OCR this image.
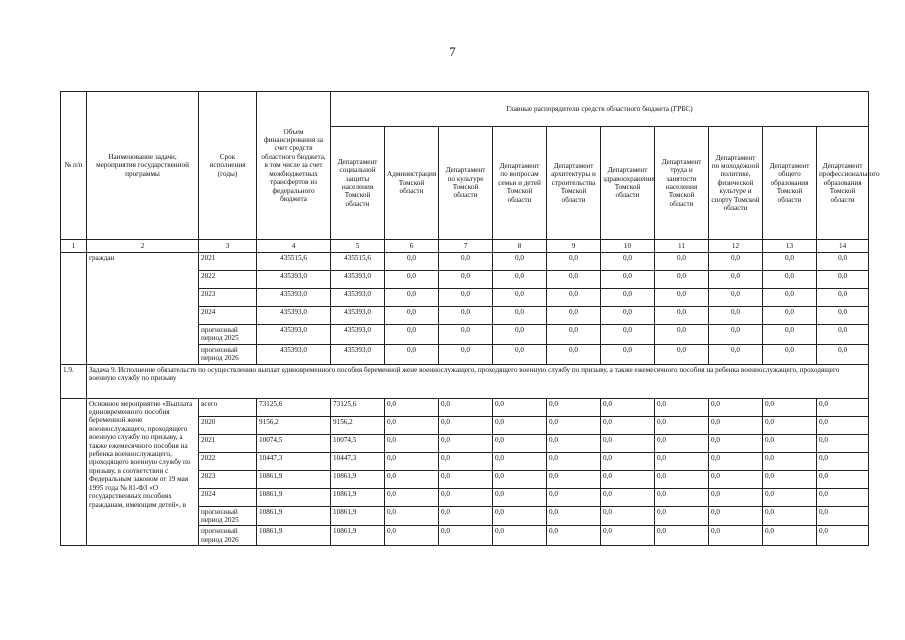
7
№ п/п	Наименование задачи, мероприятия государственной программы	Срок исполнения (годы)	Объем финансирования за счет средств областного бюджета, в том числе за счет межбюджетных трансфертов из федерального бюджета	Главные распорядители средств областного бюджета (ГРБС)									
				Департамент социальной защиты населения Томской области	Администрация Томской области	Департамент по культуре Томской области	Департамент по вопросам семьи и детей Томской области	Департамент архитектуры и строительства Томской области	Департамент здравоохранения Томской области	Департамент труда и занятости населения Томской области	Департамент по молодежной политике, физической культуре и спорту Томской области	Департамент общего образования Томской области	Департамент профессионального образования Томской области
1	2	3	4	5	6	7	8	9	10	11	12	13	14
	граждан	2021	435515,6	435515,6	0,0	0,0	0,0	0,0	0,0	0,0	0,0	0,0	0,0
		2022	435393,0	435393,0	0,0	0,0	0,0	0,0	0,0	0,0	0,0	0,0	0,0
		2023	435393,0	435393,0	0,0	0,0	0,0	0,0	0,0	0,0	0,0	0,0	0,0
		2024	435393,0	435393,0	0,0	0,0	0,0	0,0	0,0	0,0	0,0	0,0	0,0
		прогнозный период 2025	435393,0	435393,0	0,0	0,0	0,0	0,0	0,0	0,0	0,0	0,0	0,0
		прогнозный период 2026	435393,0	435393,0	0,0	0,0	0,0	0,0	0,0	0,0	0,0	0,0	0,0
1.9.	Задача 9. Исполнение обязательств по осуществлению выплат единовременного пособия беременной жене военнослужащего, проходящего военную службу по призыву, а также ежемесячного пособия на ребенка военнослужащего, проходящего военную службу по призыву												
	Основное мероприятие «Выплата единовременного пособия беременной жене военнослужащего, проходящего военную службу по призыву, а также ежемесячного пособия на ребенка военнослужащего, проходящего военную службу по призыву, в соответствии с Федеральным законом от 19 мая 1995 года № 81-ФЗ «О государственных пособиях гражданам, имеющим детей», в	всего	73125,6	73125,6	0,0	0,0	0,0	0,0	0,0	0,0	0,0	0,0	0,0
		2020	9156,2	9156,2	0,0	0,0	0,0	0,0	0,0	0,0	0,0	0,0	0,0
		2021	10074,5	10074,5	0,0	0,0	0,0	0,0	0,0	0,0	0,0	0,0	0,0
		2022	10447,3	10447,3	0,0	0,0	0,0	0,0	0,0	0,0	0,0	0,0	0,0
		2023	10861,9	10861,9	0,0	0,0	0,0	0,0	0,0	0,0	0,0	0,0	0,0
		2024	10861,9	10861,9	0,0	0,0	0,0	0,0	0,0	0,0	0,0	0,0	0,0
		прогнозный период 2025	10861,9	10861,9	0,0	0,0	0,0	0,0	0,0	0,0	0,0	0,0	0,0
		прогнозный период 2026	10861,9	10861,9	0,0	0,0	0,0	0,0	0,0	0,0	0,0	0,0	0,0
